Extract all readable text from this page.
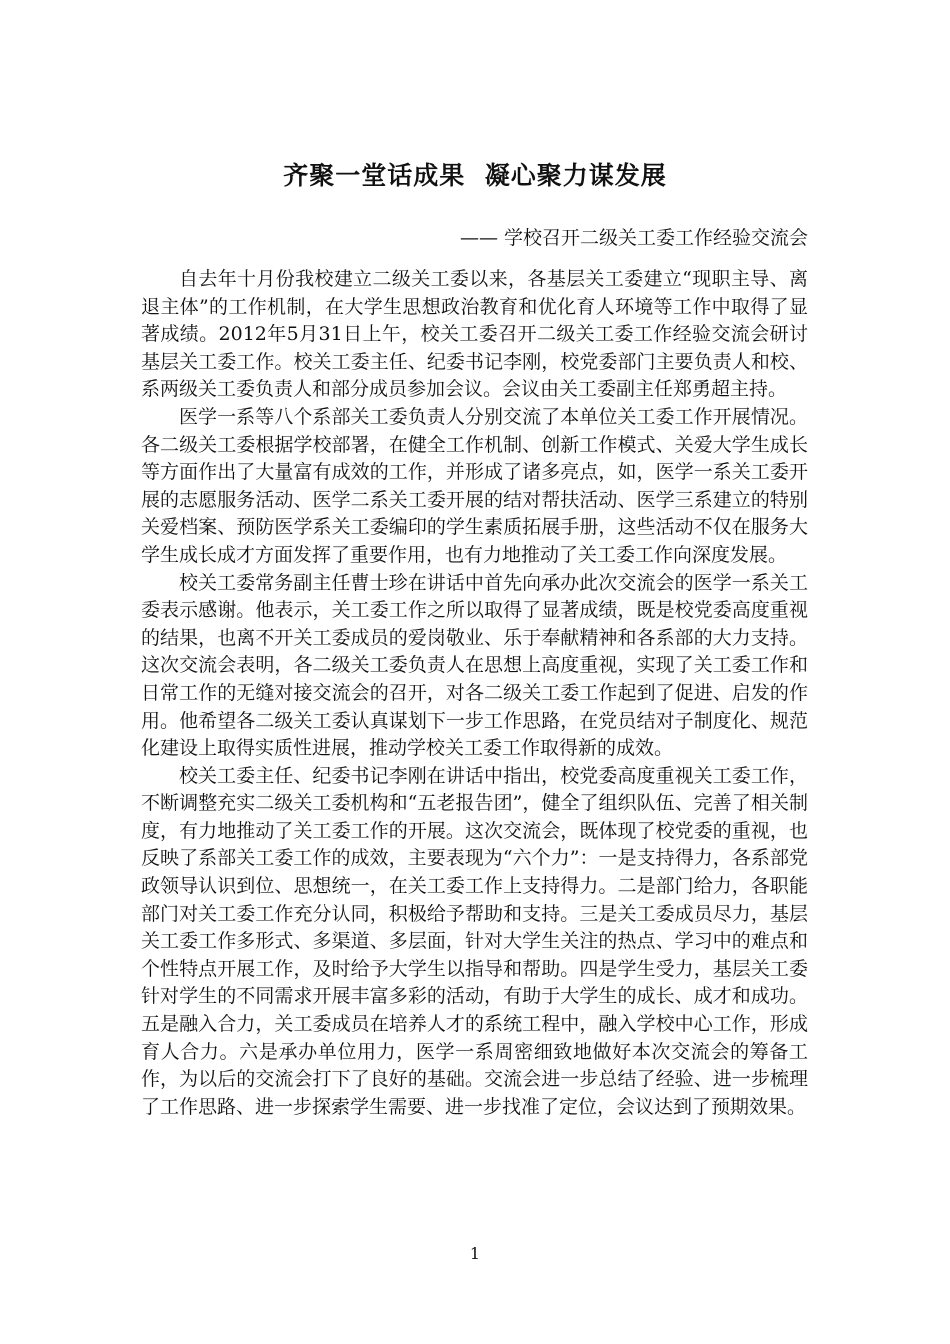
齐聚一堂话成果  凝心聚力谋发展
—— 学校召开二级关工委工作经验交流会

自去年十月份我校建立二级关工委以来，各基层关工委建立“现职主导、离退主体”的工作机制，在大学生思想政治教育和优化育人环境等工作中取得了显著成绩。2012年5月31日上午，校关工委召开二级关工委工作经验交流会研讨基层关工委工作。校关工委主任、纪委书记李刚，校党委部门主要负责人和校、系两级关工委负责人和部分成员参加会议。会议由关工委副主任郑勇超主持。

医学一系等八个系部关工委负责人分别交流了本单位关工委工作开展情况。各二级关工委根据学校部署，在健全工作机制、创新工作模式、关爱大学生成长等方面作出了大量富有成效的工作，并形成了诸多亮点，如，医学一系关工委开展的志愿服务活动、医学二系关工委开展的结对帮扶活动、医学三系建立的特别关爱档案、预防医学系关工委编印的学生素质拓展手册，这些活动不仅在服务大学生成长成才方面发挥了重要作用，也有力地推动了关工委工作向深度发展。

校关工委常务副主任曹士珍在讲话中首先向承办此次交流会的医学一系关工委表示感谢。他表示，关工委工作之所以取得了显著成绩，既是校党委高度重视的结果，也离不开关工委成员的爱岗敬业、乐于奉献精神和各系部的大力支持。这次交流会表明，各二级关工委负责人在思想上高度重视，实现了关工委工作和日常工作的无缝对接交流会的召开，对各二级关工委工作起到了促进、启发的作用。他希望各二级关工委认真谋划下一步工作思路，在党员结对子制度化、规范化建设上取得实质性进展，推动学校关工委工作取得新的成效。

校关工委主任、纪委书记李刚在讲话中指出，校党委高度重视关工委工作，不断调整充实二级关工委机构和“五老报告团”，健全了组织队伍、完善了相关制度，有力地推动了关工委工作的开展。这次交流会，既体现了校党委的重视，也反映了系部关工委工作的成效，主要表现为“六个力”：一是支持得力，各系部党政领导认识到位、思想统一，在关工委工作上支持得力。二是部门给力，各职能部门对关工委工作充分认同，积极给予帮助和支持。三是关工委成员尽力，基层关工委工作多形式、多渠道、多层面，针对大学生关注的热点、学习中的难点和个性特点开展工作，及时给予大学生以指导和帮助。四是学生受力，基层关工委针对学生的不同需求开展丰富多彩的活动，有助于大学生的成长、成才和成功。五是融入合力，关工委成员在培养人才的系统工程中，融入学校中心工作，形成育人合力。六是承办单位用力，医学一系周密细致地做好本次交流会的筹备工作，为以后的交流会打下了良好的基础。交流会进一步总结了经验、进一步梳理了工作思路、进一步探索学生需要、进一步找准了定位，会议达到了预期效果。

1
